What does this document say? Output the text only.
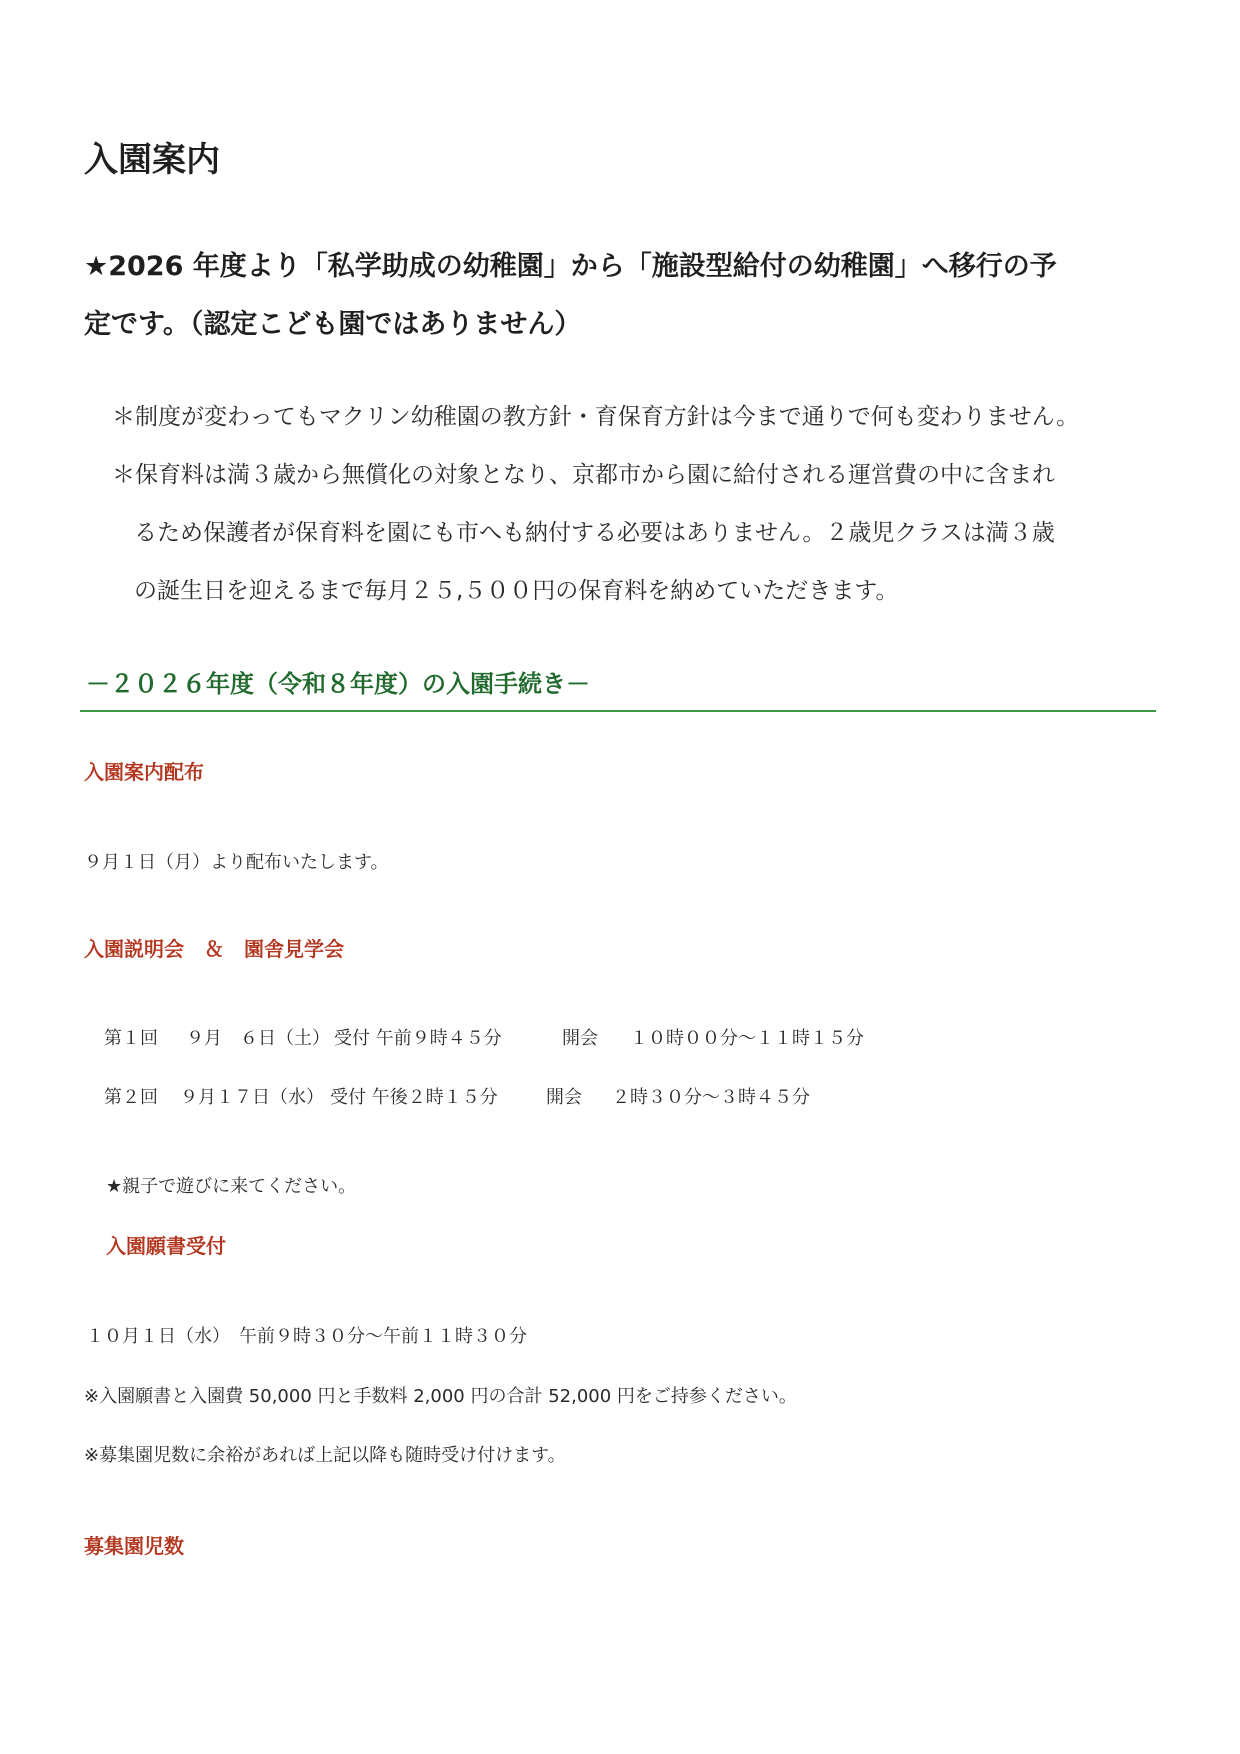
入園案内
★2026 年度より「私学助成の幼稚園」から「施設型給付の幼稚園」へ移行の予
定です。（認定こども園ではありません）
＊制度が変わってもマクリン幼稚園の教方針・育保育方針は今まで通りで何も変わりません。
＊保育料は満３歳から無償化の対象となり、京都市から園に給付される運営費の中に含まれ
るため保護者が保育料を園にも市へも納付する必要はありません。２歳児クラスは満３歳
の誕生日を迎えるまで毎月２５,５００円の保育料を納めていただきます。
－２０２６年度（令和８年度）の入園手続き－
入園案内配布
９月１日（月）より配布いたします。
入園説明会　＆　園舎見学会
第１回 ９月　６日（土） 受付 午前９時４５分	開会 １０時００分～１１時１５分
第２回 ９月１７日（水） 受付 午後２時１５分	開会 ２時３０分～３時４５分
★親子で遊びに来てください。
入園願書受付
１０月１日（水）　午前９時３０分～午前１１時３０分
※入園願書と入園費 50,000 円と手数料 2,000 円の合計 52,000 円をご持参ください。
※募集園児数に余裕があれば上記以降も随時受け付けます。
募集園児数
